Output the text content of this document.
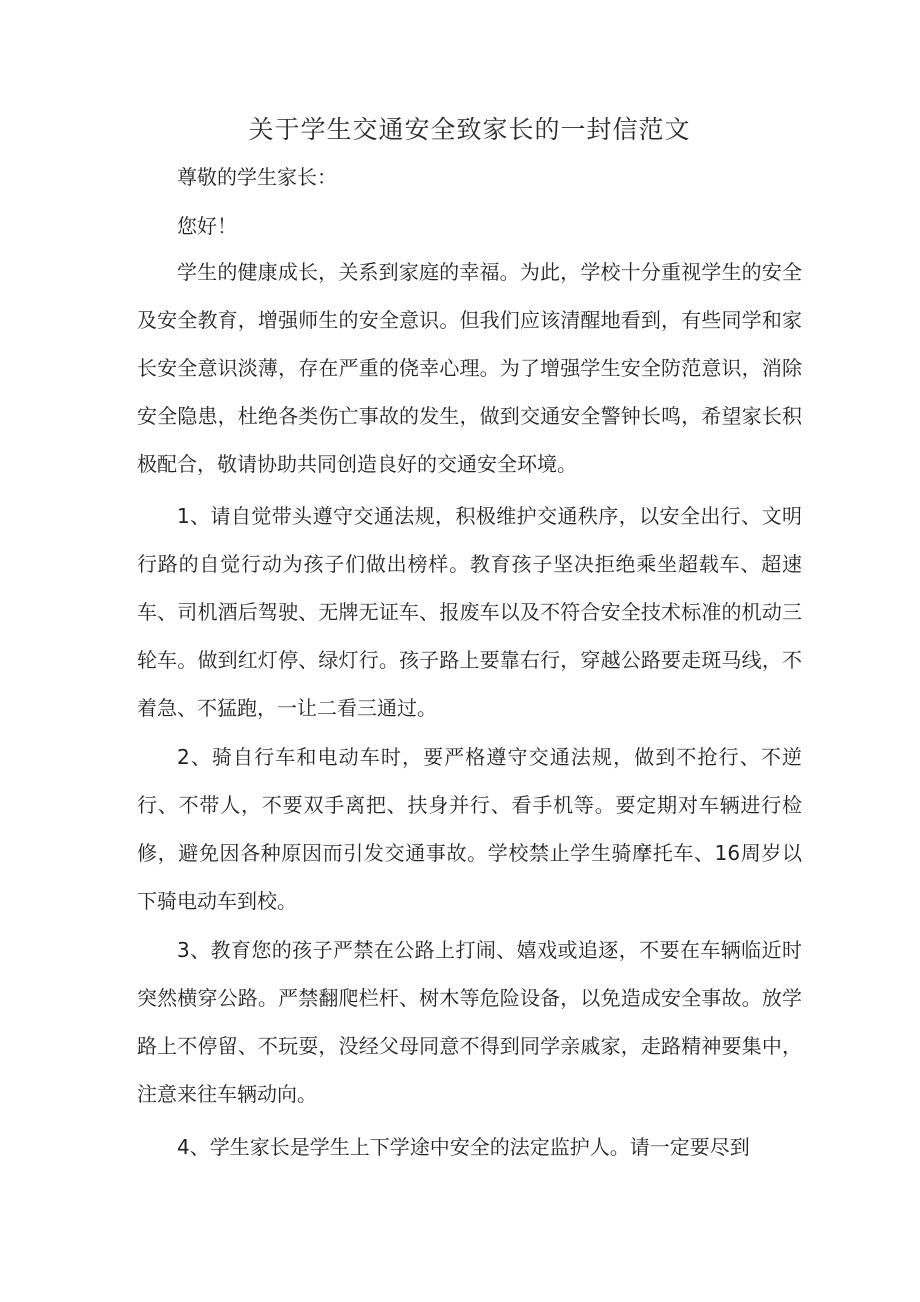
关于学生交通安全致家长的一封信范文
尊敬的学生家长：
您好！

学生的健康成长，关系到家庭的幸福。为此，学校十分重视学生的安全及安全教育，增强师生的安全意识。但我们应该清醒地看到，有些同学和家长安全意识淡薄，存在严重的侥幸心理。为了增强学生安全防范意识，消除安全隐患，杜绝各类伤亡事故的发生，做到交通安全警钟长鸣，希望家长积极配合，敬请协助共同创造良好的交通安全环境。

1、请自觉带头遵守交通法规，积极维护交通秩序，以安全出行、文明行路的自觉行动为孩子们做出榜样。教育孩子坚决拒绝乘坐超载车、超速车、司机酒后驾驶、无牌无证车、报废车以及不符合安全技术标准的机动三轮车。做到红灯停、绿灯行。孩子路上要靠右行，穿越公路要走斑马线，不着急、不猛跑，一让二看三通过。

2、骑自行车和电动车时，要严格遵守交通法规，做到不抢行、不逆行、不带人，不要双手离把、扶身并行、看手机等。要定期对车辆进行检修，避免因各种原因而引发交通事故。学校禁止学生骑摩托车、16周岁以下骑电动车到校。

3、教育您的孩子严禁在公路上打闹、嬉戏或追逐，不要在车辆临近时突然横穿公路。严禁翻爬栏杆、树木等危险设备，以免造成安全事故。放学路上不停留、不玩耍，没经父母同意不得到同学亲戚家，走路精神要集中，注意来往车辆动向。

4、学生家长是学生上下学途中安全的法定监护人。请一定要尽到
